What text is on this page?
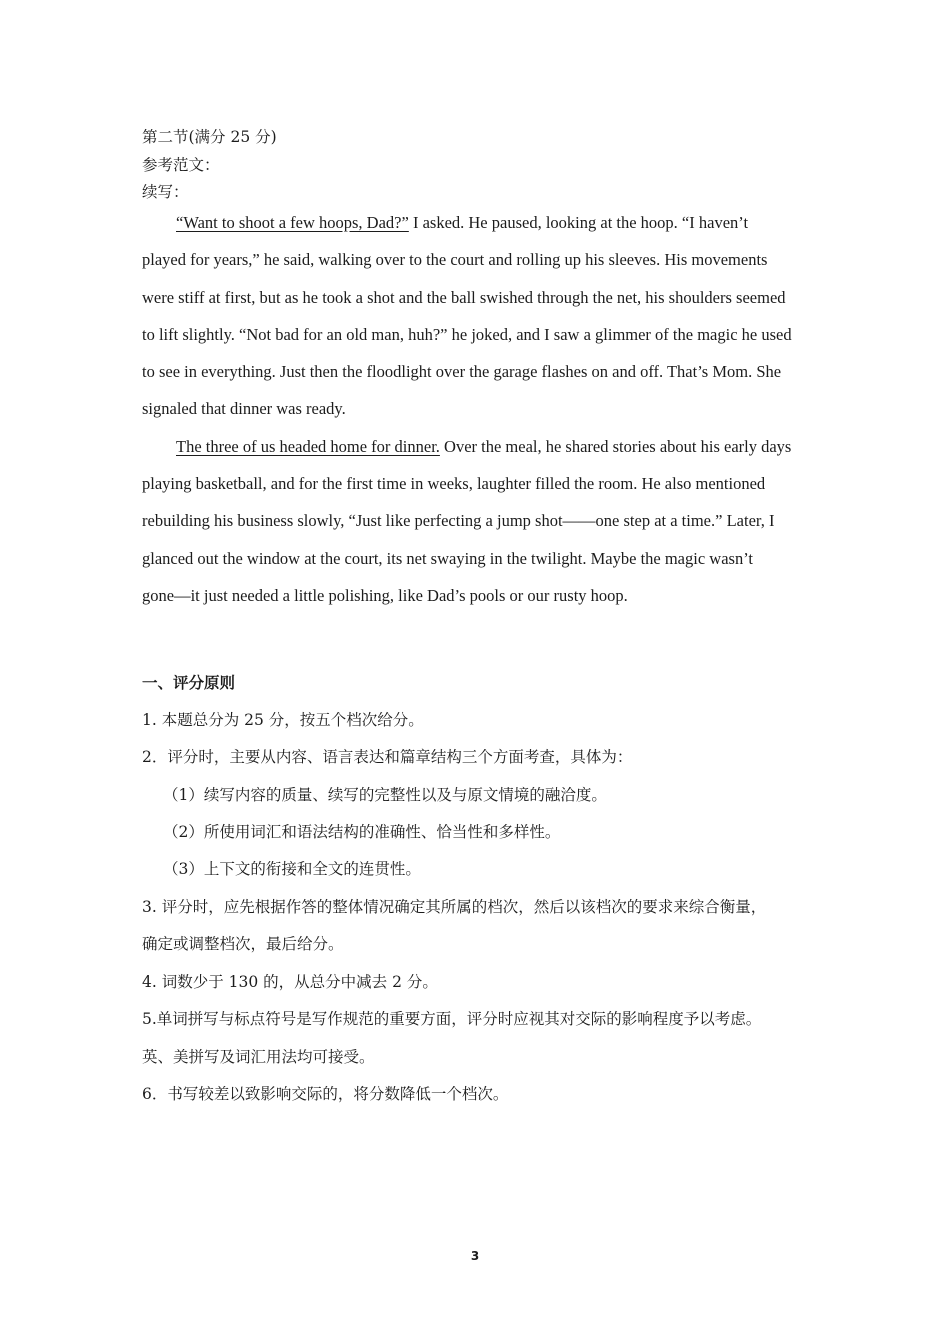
第二节(满分 25 分)
参考范文：
续写：
“Want to shoot a few hoops, Dad?” I asked. He paused, looking at the hoop. “I haven’t
played for years,” he said, walking over to the court and rolling up his sleeves. His movements
were stiff at first, but as he took a shot and the ball swished through the net, his shoulders seemed
to lift slightly. “Not bad for an old man, huh?” he joked, and I saw a glimmer of the magic he used
to see in everything. Just then the floodlight over the garage flashes on and off. That’s Mom. She
signaled that dinner was ready.
The three of us headed home for dinner. Over the meal, he shared stories about his early days
playing basketball, and for the first time in weeks, laughter filled the room. He also mentioned
rebuilding his business slowly, “Just like perfecting a jump shot——one step at a time.” Later, I
glanced out the window at the court, its net swaying in the twilight. Maybe the magic wasn’t
gone—it just needed a little polishing, like Dad’s pools or our rusty hoop.
一、评分原则
1. 本题总分为 25 分，按五个档次给分。
2．评分时，主要从内容、语言表达和篇章结构三个方面考查，具体为：
（1）续写内容的质量、续写的完整性以及与原文情境的融洽度。
（2）所使用词汇和语法结构的准确性、恰当性和多样性。
（3）上下文的衔接和全文的连贯性。
3. 评分时，应先根据作答的整体情况确定其所属的档次，然后以该档次的要求来综合衡量，
确定或调整档次，最后给分。
4. 词数少于 130 的，从总分中减去 2 分。
5.单词拼写与标点符号是写作规范的重要方面，评分时应视其对交际的影响程度予以考虑。
英、美拼写及词汇用法均可接受。
6．书写较差以致影响交际的，将分数降低一个档次。
3
